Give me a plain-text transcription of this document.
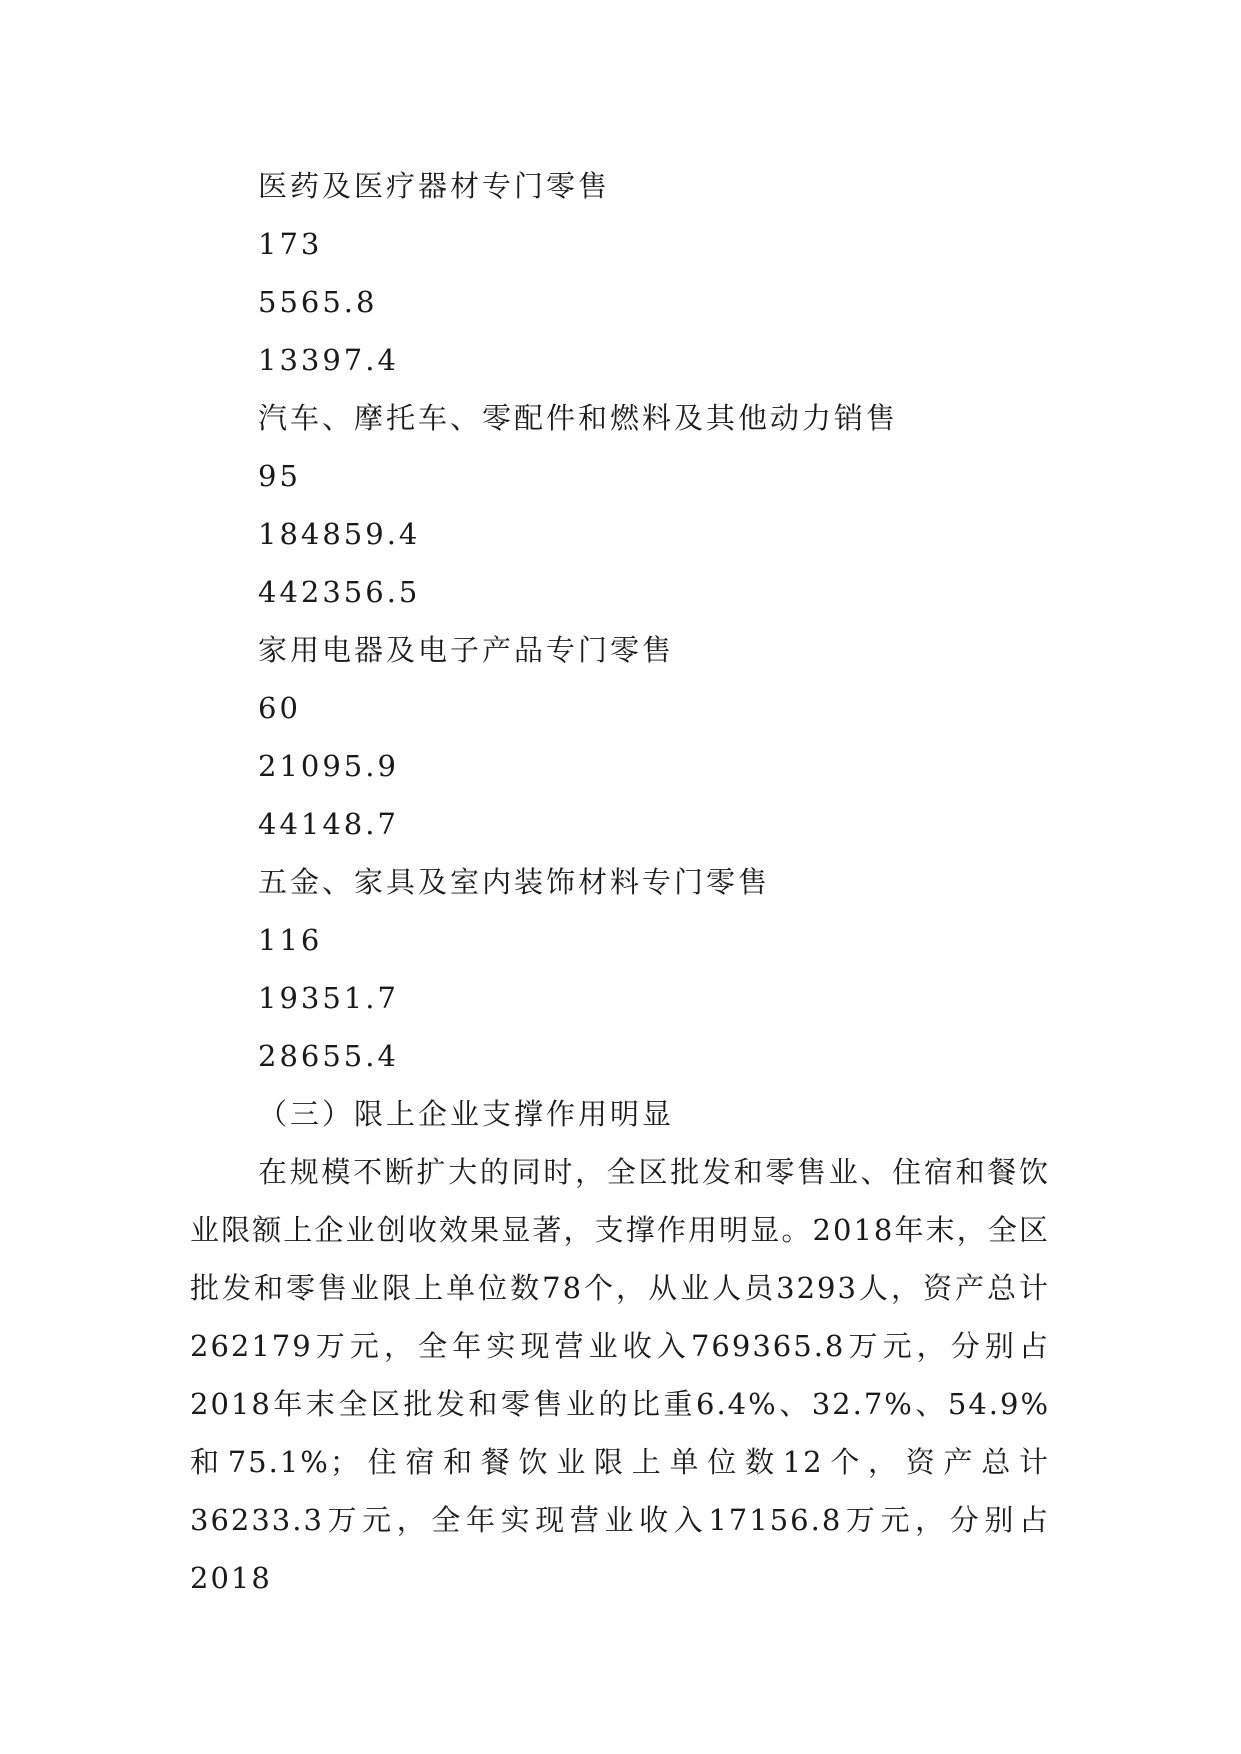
医药及医疗器材专门零售
173
5565.8
13397.4
汽车、摩托车、零配件和燃料及其他动力销售
95
184859.4
442356.5
家用电器及电子产品专门零售
60
21095.9
44148.7
五金、家具及室内装饰材料专门零售
116
19351.7
28655.4
（三）限上企业支撑作用明显
在规模不断扩大的同时，全区批发和零售业、住宿和餐饮业限额上企业创收效果显著，支撑作用明显。2018年末，全区批发和零售业限上单位数78个，从业人员3293人，资产总计262179万元，全年实现营业收入769365.8万元，分别占2018年末全区批发和零售业的比重6.4%、32.7%、54.9%和75.1%；住宿和餐饮业限上单位数12个，资产总计36233.3万元，全年实现营业收入17156.8万元，分别占2018
